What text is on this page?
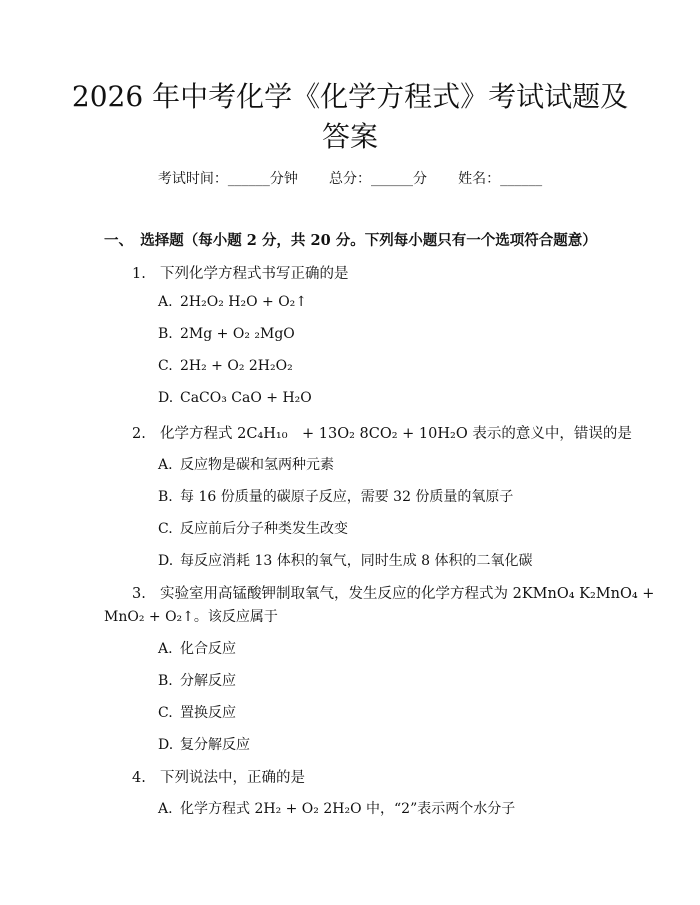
2026 年中考化学《化学方程式》考试试题及
答案
考试时间：______分钟 总分：______分 姓名：______
一、　选择题（每小题 2 分，共 20 分。下列每小题只有一个选项符合题意）
1. 下列化学方程式书写正确的是
A. 2H₂O₂ H₂O + O₂↑
B. 2Mg + O₂ ₂MgO
C. 2H₂ + O₂ 2H₂O₂
D. CaCO₃ CaO + H₂O
2. 化学方程式 2C₄H₁₀　+ 13O₂ 8CO₂ + 10H₂O 表示的意义中，错误的是
A. 反应物是碳和氢两种元素
B. 每 16 份质量的碳原子反应，需要 32 份质量的氧原子
C. 反应前后分子种类发生改变
D. 每反应消耗 13 体积的氧气，同时生成 8 体积的二氧化碳
3. 实验室用高锰酸钾制取氧气，发生反应的化学方程式为 2KMnO₄ K₂MnO₄ +
MnO₂ + O₂↑。该反应属于
A. 化合反应
B. 分解反应
C. 置换反应
D. 复分解反应
4. 下列说法中，正确的是
A. 化学方程式 2H₂ + O₂ 2H₂O 中，“2”表示两个水分子
